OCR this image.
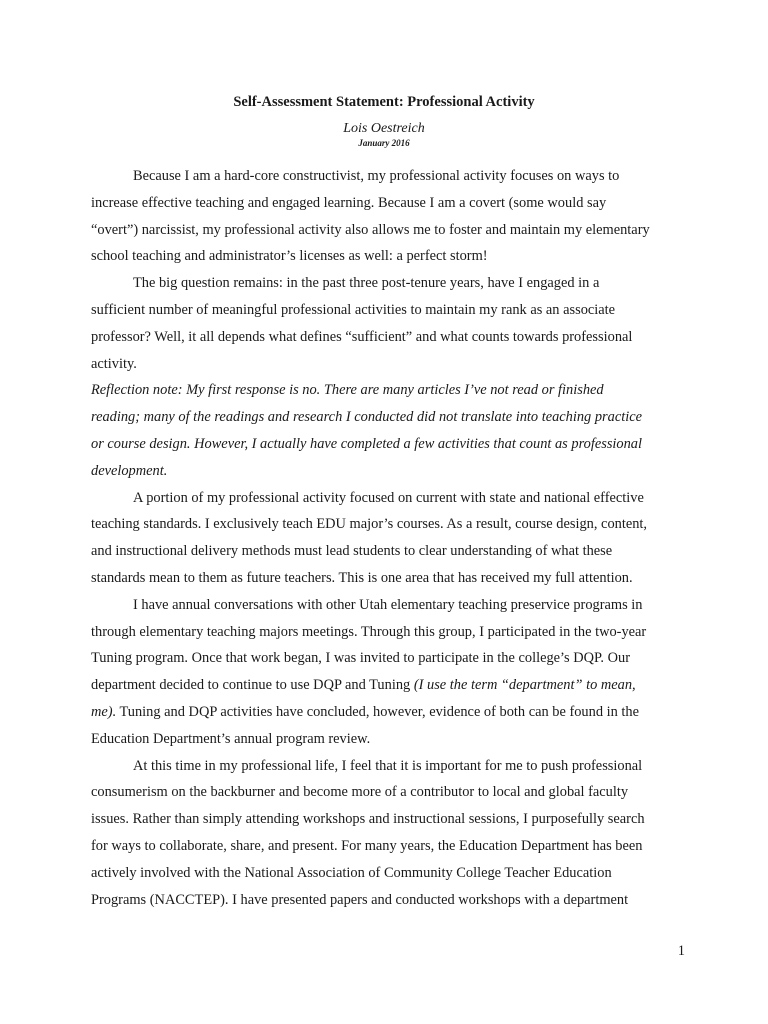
Self-Assessment Statement: Professional Activity

Lois Oestreich

January 2016

Because I am a hard-core constructivist, my professional activity focuses on ways to
increase effective teaching and engaged learning. Because I am a covert (some would say
“overt”) narcissist, my professional activity also allows me to foster and maintain my elementary
school teaching and administrator’s licenses as well: a perfect storm!
The big question remains: in the past three post-tenure years, have I engaged in a
sufficient number of meaningful professional activities to maintain my rank as an associate
professor? Well, it all depends what defines “sufficient” and what counts towards professional
activity.
Reflection note: My first response is no. There are many articles I’ve not read or finished
reading; many of the readings and research I conducted did not translate into teaching practice
or course design. However, I actually have completed a few activities that count as professional
development.
A portion of my professional activity focused on current with state and national effective
teaching standards. I exclusively teach EDU major’s courses. As a result, course design, content,
and instructional delivery methods must lead students to clear understanding of what these
standards mean to them as future teachers. This is one area that has received my full attention.
I have annual conversations with other Utah elementary teaching preservice programs in
through elementary teaching majors meetings. Through this group, I participated in the two-year
Tuning program. Once that work began, I was invited to participate in the college’s DQP. Our
department decided to continue to use DQP and Tuning (I use the term “department” to mean,
me). Tuning and DQP activities have concluded, however, evidence of both can be found in the
Education Department’s annual program review.
At this time in my professional life, I feel that it is important for me to push professional
consumerism on the backburner and become more of a contributor to local and global faculty
issues. Rather than simply attending workshops and instructional sessions, I purposefully search
for ways to collaborate, share, and present. For many years, the Education Department has been
actively involved with the National Association of Community College Teacher Education
Programs (NACCTEP). I have presented papers and conducted workshops with a department
1
